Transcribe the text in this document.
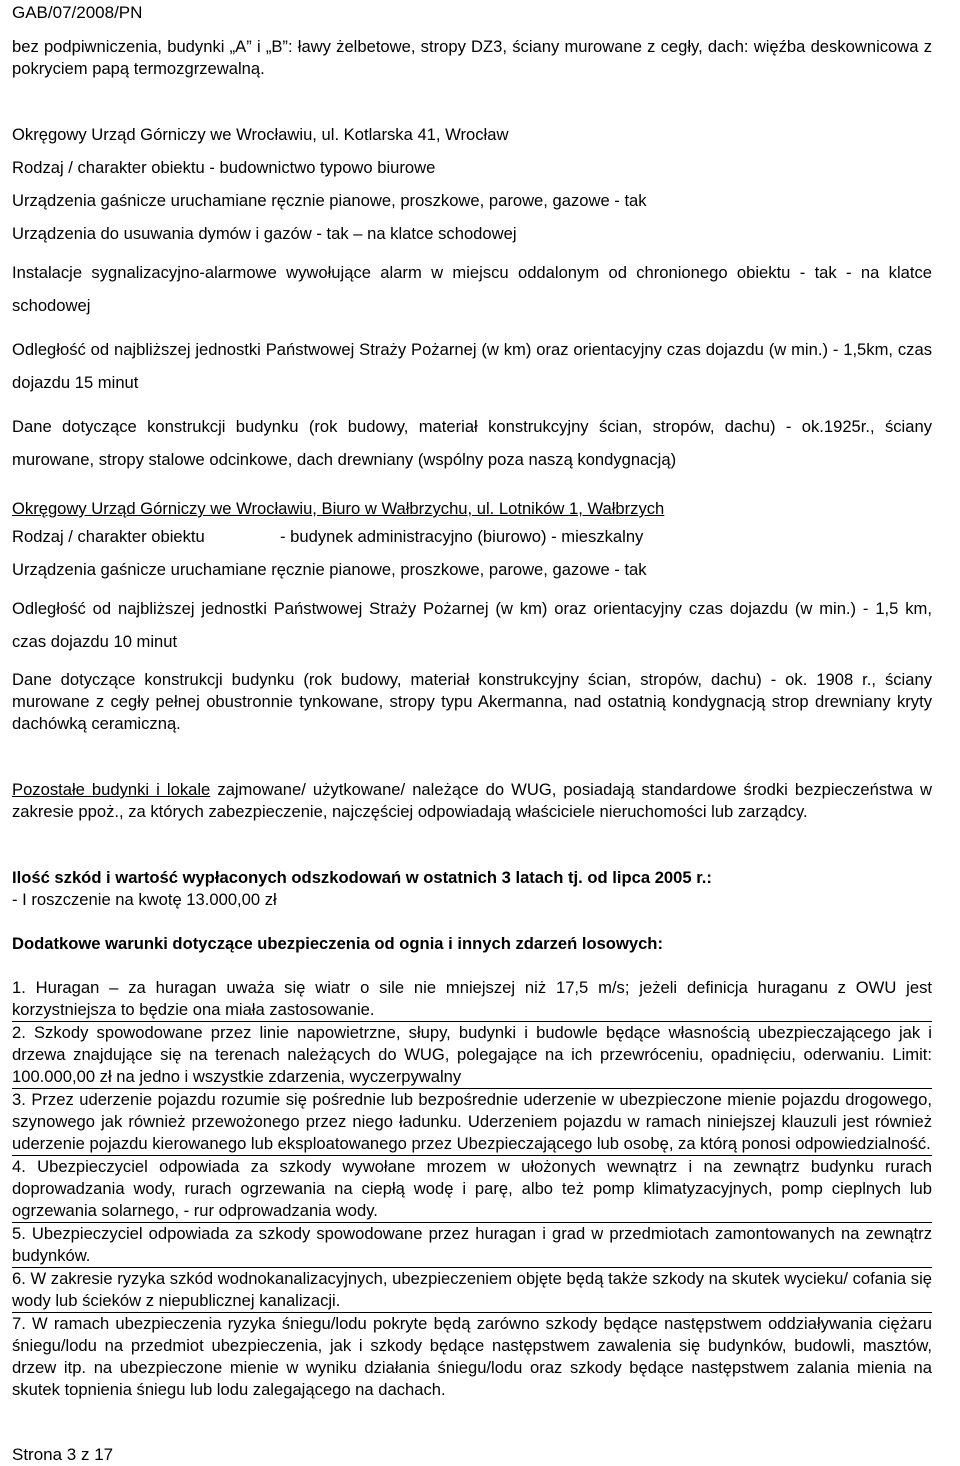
GAB/07/2008/PN

bez podpiwniczenia, budynki „A” i „B”: ławy żelbetowe, stropy DZ3, ściany murowane z cegły, dach: więźba deskownicowa z pokryciem papą termozgrzewalną.

Okręgowy Urząd Górniczy we Wrocławiu, ul. Kotlarska 41, Wrocław

Rodzaj / charakter obiektu - budownictwo typowo biurowe

Urządzenia gaśnicze uruchamiane ręcznie pianowe, proszkowe, parowe, gazowe - tak

Urządzenia do usuwania dymów i gazów - tak – na klatce schodowej

Instalacje sygnalizacyjno-alarmowe wywołujące alarm w miejscu oddalonym od chronionego obiektu - tak - na klatce schodowej

Odległość od najbliższej jednostki Państwowej Straży Pożarnej (w km) oraz orientacyjny czas dojazdu (w min.) - 1,5km, czas dojazdu 15 minut

Dane dotyczące konstrukcji budynku (rok budowy, materiał konstrukcyjny ścian, stropów, dachu) - ok.1925r., ściany murowane, stropy stalowe odcinkowe, dach drewniany (wspólny poza naszą kondygnacją)

Okręgowy Urząd Górniczy we Wrocławiu, Biuro w Wałbrzychu, ul. Lotników 1, Wałbrzych

Rodzaj / charakter obiektu	- budynek administracyjno (biurowo) - mieszkalny

Urządzenia gaśnicze uruchamiane ręcznie pianowe, proszkowe, parowe, gazowe - tak

Odległość od najbliższej jednostki Państwowej Straży Pożarnej (w km) oraz orientacyjny czas dojazdu (w min.) - 1,5 km, czas dojazdu 10 minut

Dane dotyczące konstrukcji budynku (rok budowy, materiał konstrukcyjny ścian, stropów, dachu) - ok. 1908 r., ściany murowane z cegły pełnej obustronnie tynkowane, stropy typu Akermanna, nad ostatnią kondygnacją strop drewniany kryty dachówką ceramiczną.

Pozostałe budynki i lokale zajmowane/ użytkowane/ należące do WUG, posiadają standardowe środki bezpieczeństwa w zakresie ppoż., za których zabezpieczenie, najczęściej odpowiadają właściciele nieruchomości lub zarządcy.

Ilość szkód i wartość wypłaconych odszkodowań w ostatnich 3 latach tj. od lipca 2005 r.:

- I roszczenie na kwotę 13.000,00 zł

Dodatkowe warunki dotyczące ubezpieczenia od ognia i innych zdarzeń losowych:

1. Huragan – za huragan uważa się wiatr o sile nie mniejszej niż 17,5 m/s; jeżeli definicja huraganu z OWU jest korzystniejsza to będzie ona miała zastosowanie.

2. Szkody spowodowane przez linie napowietrzne, słupy, budynki i budowle będące własnością ubezpieczającego jak i drzewa znajdujące się na terenach należących do WUG, polegające na ich przewróceniu, opadnięciu, oderwaniu. Limit: 100.000,00 zł na jedno i wszystkie zdarzenia, wyczerpywalny

3. Przez uderzenie pojazdu rozumie się pośrednie lub bezpośrednie uderzenie w ubezpieczone mienie pojazdu drogowego, szynowego jak również przewożonego przez niego ładunku. Uderzeniem pojazdu w ramach niniejszej klauzuli jest również uderzenie pojazdu kierowanego lub eksploatowanego przez Ubezpieczającego lub osobę, za którą ponosi odpowiedzialność.

4. Ubezpieczyciel odpowiada za szkody wywołane mrozem w ułożonych wewnątrz i na zewnątrz budynku rurach doprowadzania wody, rurach ogrzewania na ciepłą wodę i parę, albo też pomp klimatyzacyjnych, pomp cieplnych lub ogrzewania solarnego, - rur odprowadzania wody.

5. Ubezpieczyciel odpowiada za szkody spowodowane przez huragan i grad w przedmiotach zamontowanych na zewnątrz budynków.

6. W zakresie ryzyka szkód wodnokanalizacyjnych, ubezpieczeniem objęte będą także szkody na skutek wycieku/ cofania się wody lub ścieków z niepublicznej kanalizacji.

7. W ramach ubezpieczenia ryzyka śniegu/lodu pokryte będą zarówno szkody będące następstwem oddziaływania ciężaru śniegu/lodu na przedmiot ubezpieczenia, jak i szkody będące następstwem zawalenia się budynków, budowli, masztów, drzew itp. na ubezpieczone mienie w wyniku działania śniegu/lodu oraz szkody będące następstwem zalania mienia na skutek topnienia śniegu lub lodu zalegającego na dachach.

Strona 3 z 17
